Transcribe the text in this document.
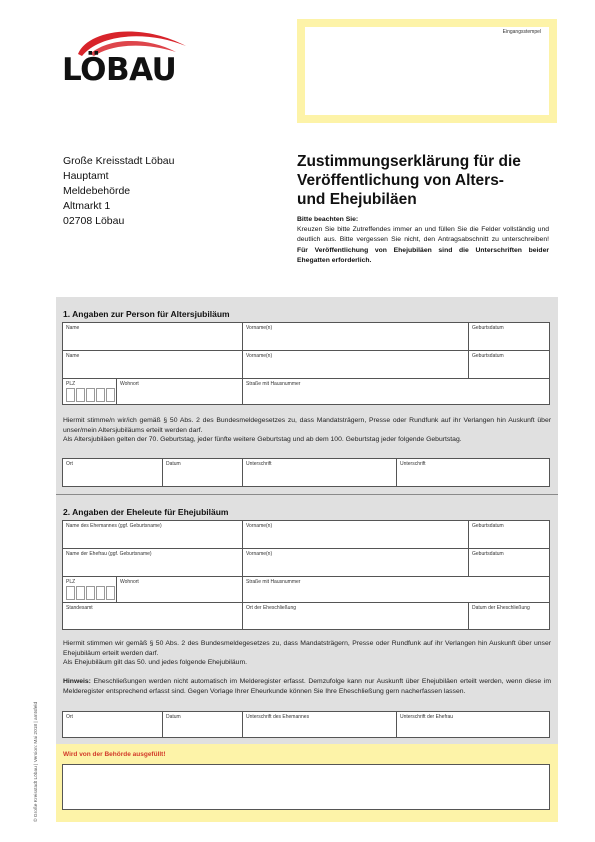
LÖBAU
Eingangsstempel
Große Kreisstadt Löbau
Hauptamt
Meldebehörde
Altmarkt 1
02708 Löbau
Zustimmungserklärung für die
Veröffentlichung von Alters-
und Ehejubiläen
Bitte beachten Sie:
Kreuzen Sie bitte Zutreffendes immer an und füllen Sie die Felder vollständig und deutlich aus. Bitte vergessen Sie nicht, den Antragsabschnitt zu unterschreiben! Für Veröffentlichung von Ehejubiläen sind die Unterschriften beider Ehegatten erforderlich.
1. Angaben zur Person für Altersjubiläum
Name	Vorname(n)	Geburtsdatum
Name	Vorname(n)	Geburtsdatum
PLZ	Wohnort	Straße mit Hausnummer
Hiermit stimme/n wir/ich gemäß § 50 Abs. 2 des Bundesmeldegesetzes zu, dass Mandatsträgern, Presse oder Rundfunk auf ihr Verlangen hin Auskunft über unser/mein Altersjubiläums erteilt werden darf.
Als Altersjubiläen gelten der 70. Geburtstag, jeder fünfte weitere Geburtstag und ab dem 100. Geburtstag jeder folgende Geburtstag.
Ort	Datum	Unterschrift	Unterschrift
2. Angaben der Eheleute für Ehejubiläum
Name des Ehemannes (ggf. Geburtsname)	Vorname(n)	Geburtsdatum
Name der Ehefrau (ggf. Geburtsname)	Vorname(n)	Geburtsdatum
PLZ	Wohnort	Straße mit Hausnummer
Standesamt	Ort der Eheschließung	Datum der Eheschließung
Hiermit stimmen wir gemäß § 50 Abs. 2 des Bundesmeldegesetzes zu, dass Mandatsträgern, Presse oder Rundfunk auf ihr Verlangen hin Auskunft über unser Ehejubiläum erteilt werden darf.
Als Ehejubiläum gilt das 50. und jedes folgende Ehejubiläum.
Hinweis: Eheschließungen werden nicht automatisch im Melderegister erfasst. Demzufolge kann nur Auskunft über Ehejubiläen erteilt werden, wenn diese im Melderegister entsprechend erfasst sind. Gegen Vorlage Ihrer Eheurkunde können Sie Ihre Eheschließung gern nacherfassen lassen.
Ort	Datum	Unterschrift des Ehemannes	Unterschrift der Ehefrau
Wird von der Behörde ausgefüllt!
© Große Kreisstadt Löbau | Version: Mai 2018 | amtsfeld
